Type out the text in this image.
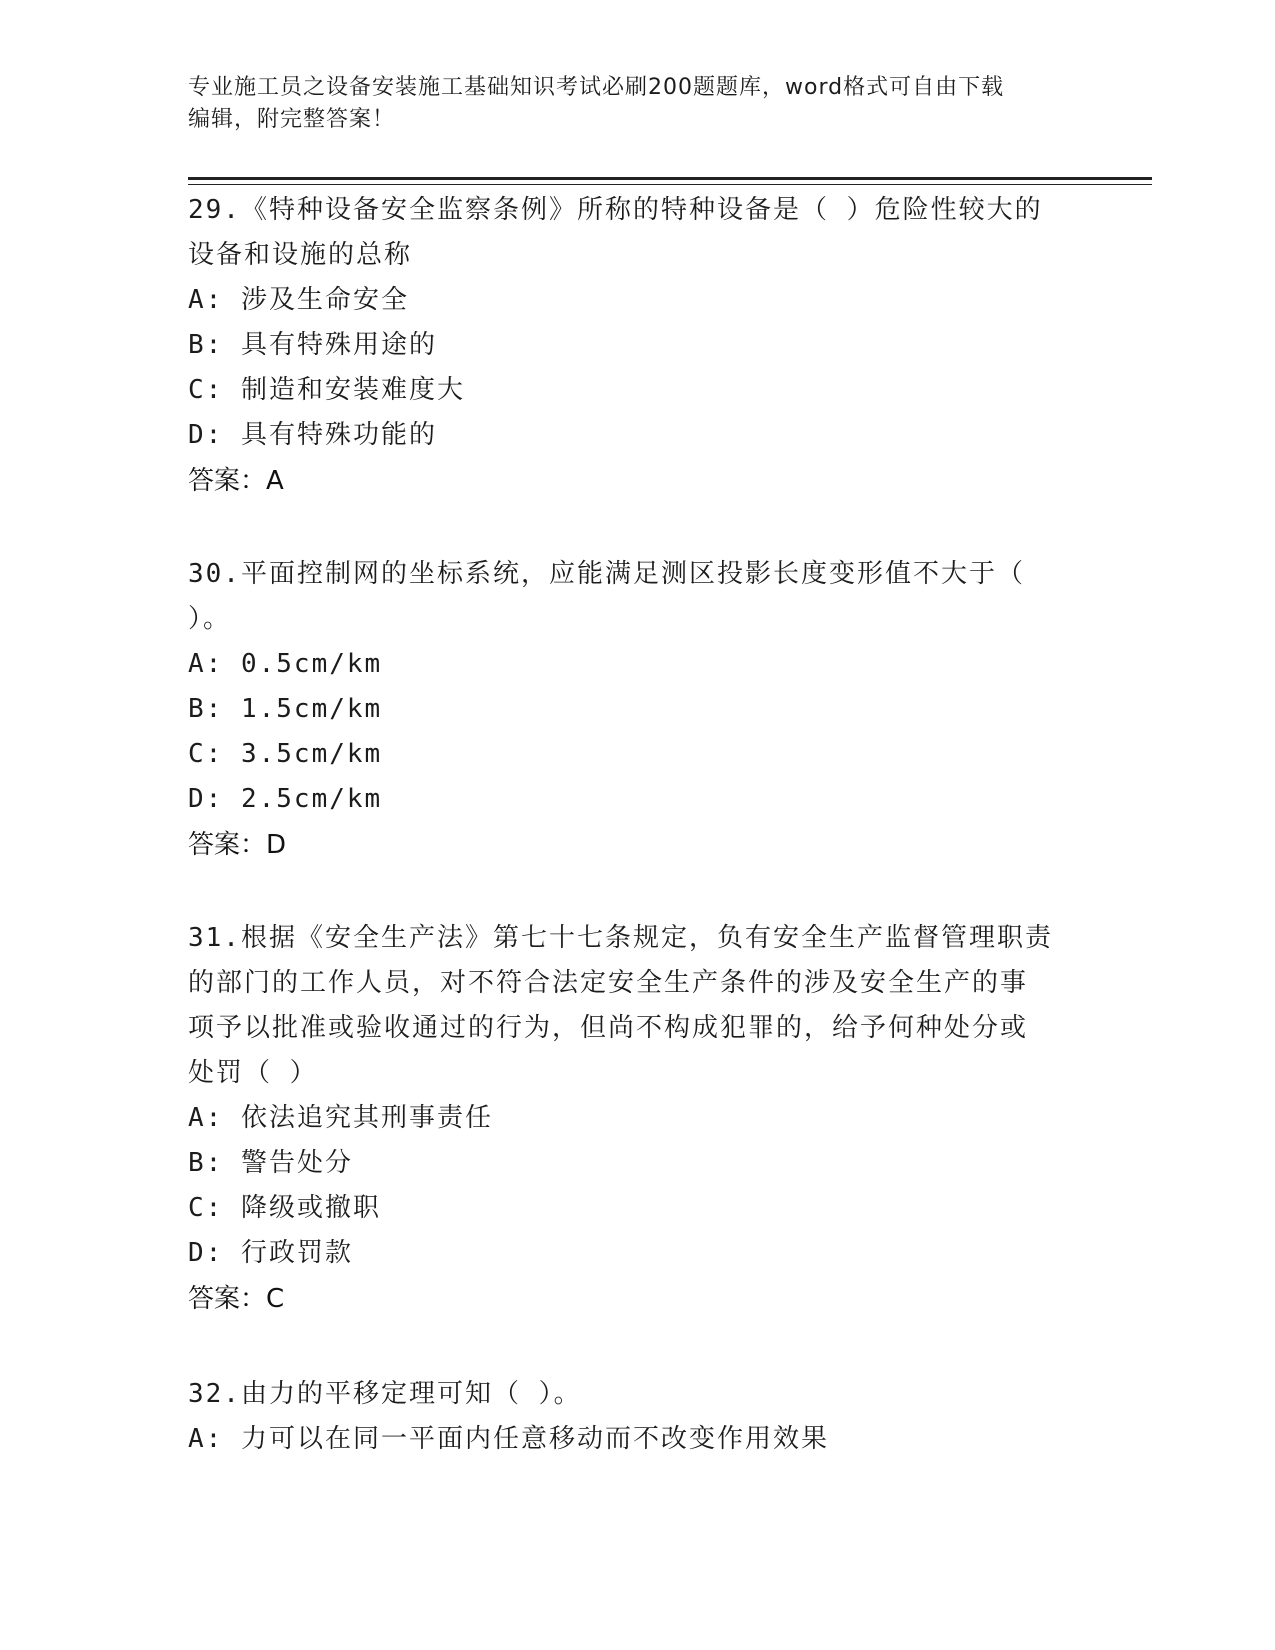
专业施工员之设备安装施工基础知识考试必刷200题题库，word格式可自由下载
编辑，附完整答案！

29.《特种设备安全监察条例》所称的特种设备是（ ）危险性较大的

设备和设施的总称

A: 涉及生命安全

B: 具有特殊用途的

C: 制造和安装难度大

D: 具有特殊功能的

答案：A

30.平面控制网的坐标系统，应能满足测区投影长度变形值不大于（

）。

A: 0.5cm/km

B: 1.5cm/km

C: 3.5cm/km

D: 2.5cm/km

答案：D

31.根据《安全生产法》第七十七条规定，负有安全生产监督管理职责

的部门的工作人员，对不符合法定安全生产条件的涉及安全生产的事

项予以批准或验收通过的行为，但尚不构成犯罪的，给予何种处分或

处罚（ ）

A: 依法追究其刑事责任

B: 警告处分

C: 降级或撤职

D: 行政罚款

答案：C

32.由力的平移定理可知（ ）。

A: 力可以在同一平面内任意移动而不改变作用效果
